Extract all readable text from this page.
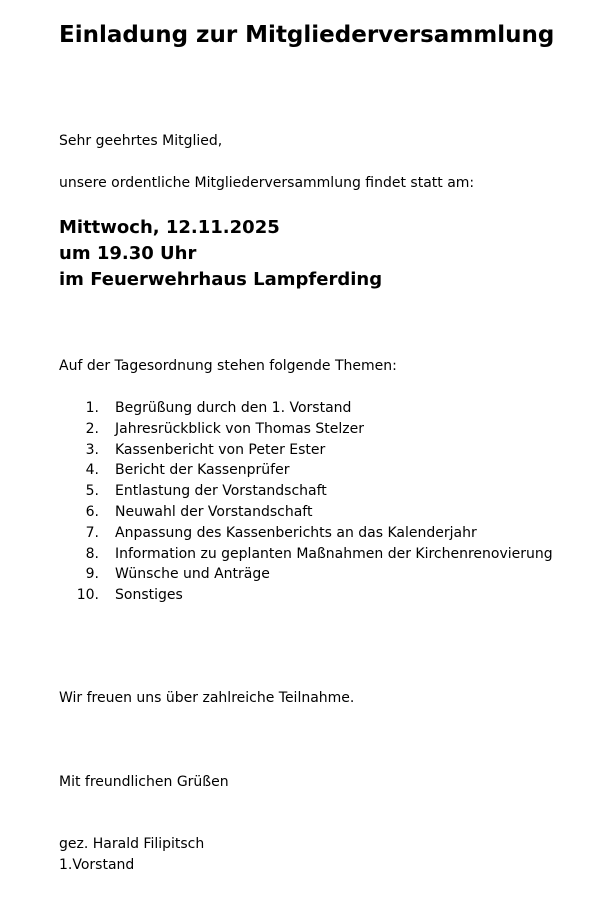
Einladung zur Mitgliederversammlung

Sehr geehrtes Mitglied,

unsere ordentliche Mitgliederversammlung findet statt am:

Mittwoch, 12.11.2025
um 19.30 Uhr
im Feuerwehrhaus Lampferding

Auf der Tagesordnung stehen folgende Themen:

1.	Begrüßung durch den 1. Vorstand
2.	Jahresrückblick von Thomas Stelzer
3.	Kassenbericht von Peter Ester
4.	Bericht der Kassenprüfer
5.	Entlastung der Vorstandschaft
6.	Neuwahl der Vorstandschaft
7.	Anpassung des Kassenberichts an das Kalenderjahr
8.	Information zu geplanten Maßnahmen der Kirchenrenovierung
9.	Wünsche und Anträge
10.	Sonstiges

Wir freuen uns über zahlreiche Teilnahme.

Mit freundlichen Grüßen

gez. Harald Filipitsch

1.Vorstand
